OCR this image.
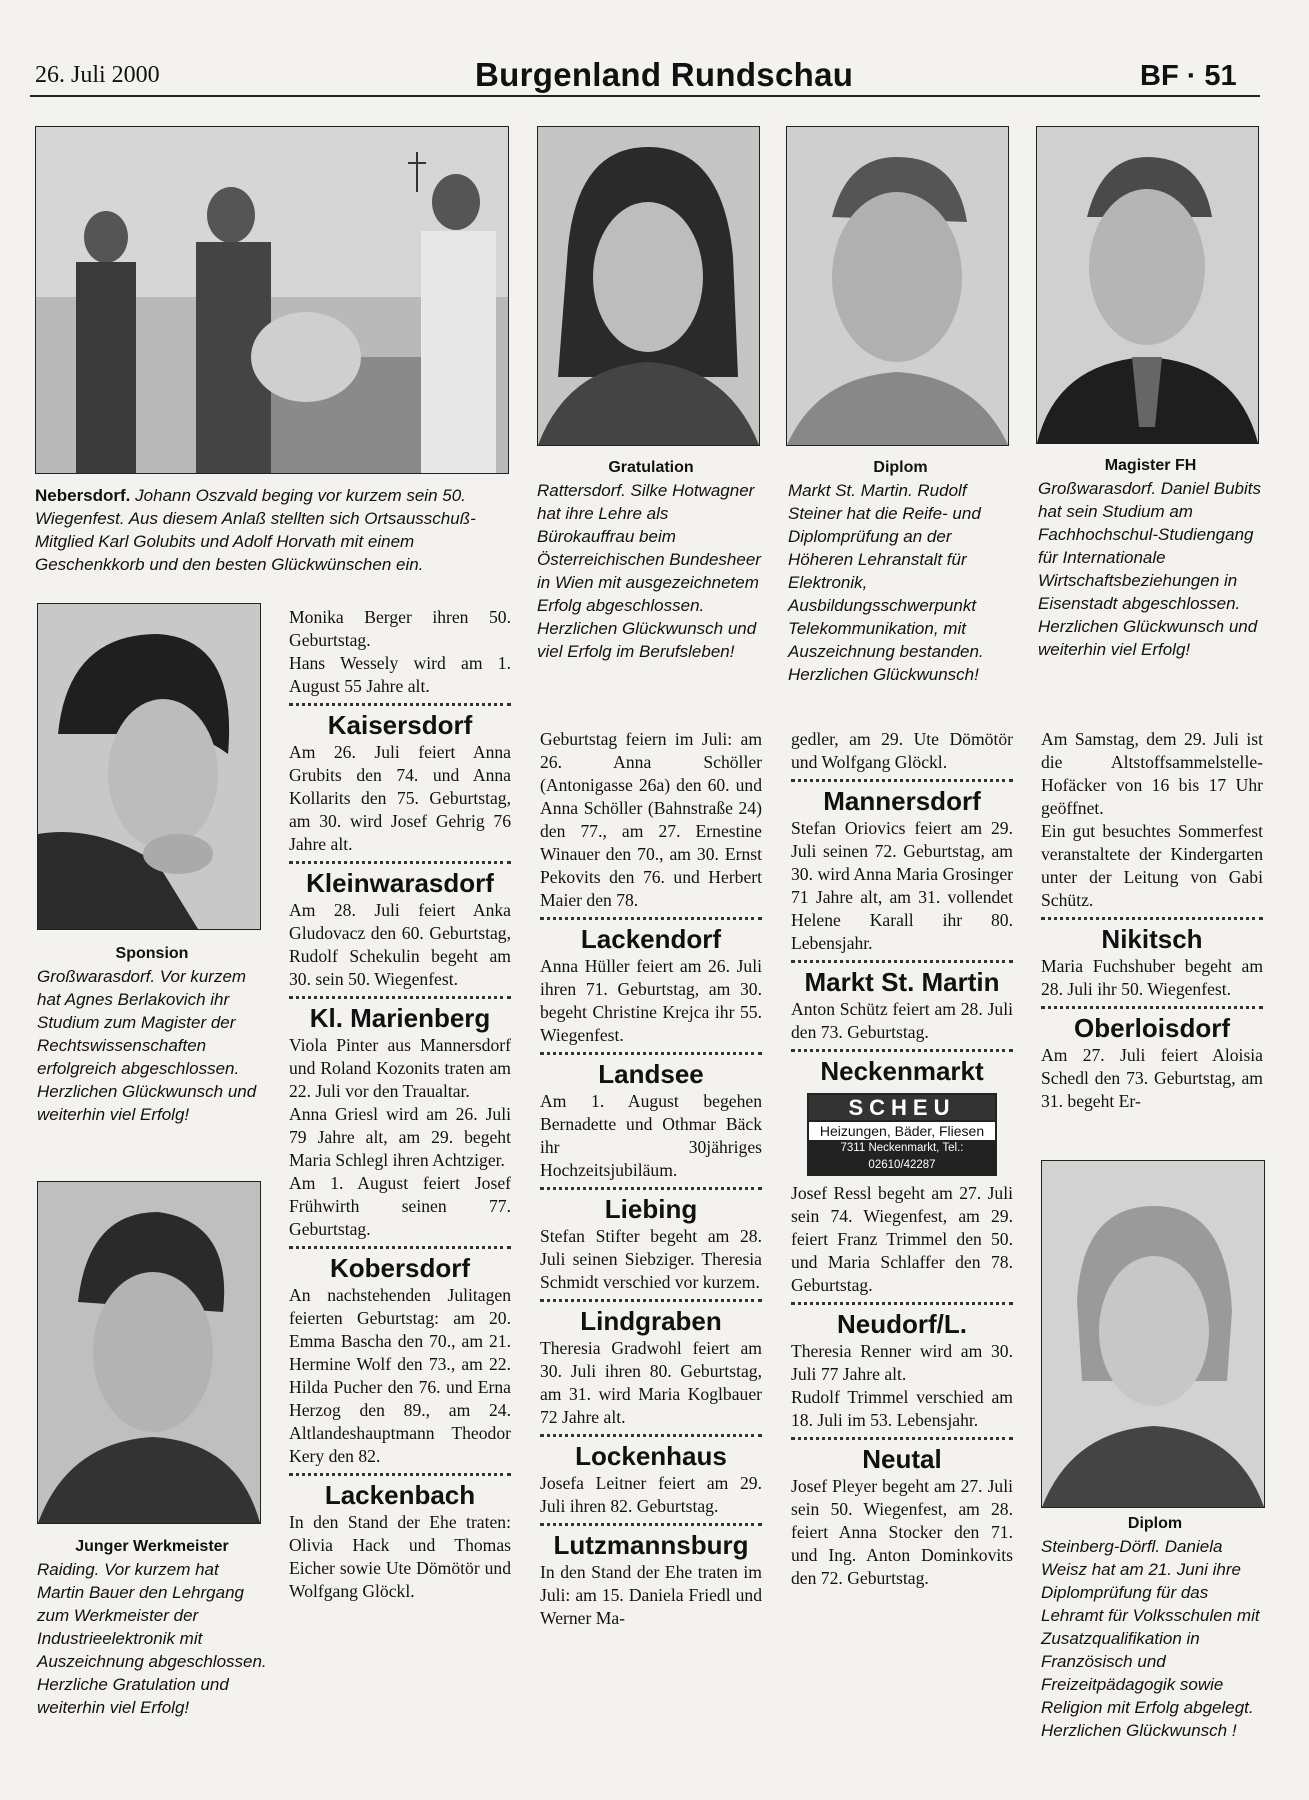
26. Juli 2000	Burgenland Rundschau	BF · 51
Nebersdorf. Johann Oszvald beging vor kurzem sein 50. Wiegenfest. Aus diesem Anlaß stellten sich Ortsausschuß-Mitglied Karl Golubits und Adolf Horvath mit einem Geschenkkorb und den besten Glückwünschen ein.
Gratulation
Rattersdorf. Silke Hotwagner hat ihre Lehre als Bürokauffrau beim Österreichischen Bundesheer in Wien mit ausgezeichnetem Erfolg abgeschlossen. Herzlichen Glückwunsch und viel Erfolg im Berufsleben!
Diplom
Markt St. Martin. Rudolf Steiner hat die Reife- und Diplomprüfung an der Höheren Lehranstalt für Elektronik, Ausbildungsschwerpunkt Telekommunikation, mit Auszeichnung bestanden. Herzlichen Glückwunsch!
Magister FH
Großwarasdorf. Daniel Bubits hat sein Studium am Fachhochschul-Studiengang für Internationale Wirtschaftsbeziehungen in Eisenstadt abgeschlossen. Herzlichen Glückwunsch und weiterhin viel Erfolg!
Sponsion
Großwarasdorf. Vor kurzem hat Agnes Berlakovich ihr Studium zum Magister der Rechtswissenschaften erfolgreich abgeschlossen. Herzlichen Glückwunsch und weiterhin viel Erfolg!
Junger Werkmeister
Raiding. Vor kurzem hat Martin Bauer den Lehrgang zum Werkmeister der Industrieelektronik mit Auszeichnung abgeschlossen. Herzliche Gratulation und weiterhin viel Erfolg!

Monika Berger ihren 50. Geburtstag.

Hans Wessely wird am 1. August 55 Jahre alt.

Kaisersdorf

Am 26. Juli feiert Anna Grubits den 74. und Anna Kollarits den 75. Geburtstag, am 30. wird Josef Gehrig 76 Jahre alt.

Kleinwarasdorf

Am 28. Juli feiert Anka Gludovacz den 60. Geburtstag, Rudolf Schekulin begeht am 30. sein 50. Wiegenfest.

Kl. Marienberg

Viola Pinter aus Mannersdorf und Roland Kozonits traten am 22. Juli vor den Traualtar.

Anna Griesl wird am 26. Juli 79 Jahre alt, am 29. begeht Maria Schlegl ihren Achtziger.

Am 1. August feiert Josef Frühwirth seinen 77. Geburtstag.

Kobersdorf

An nachstehenden Julitagen feierten Geburtstag: am 20. Emma Bascha den 70., am 21. Hermine Wolf den 73., am 22. Hilda Pucher den 76. und Erna Herzog den 89., am 24. Altlandeshauptmann Theodor Kery den 82.

Lackenbach

In den Stand der Ehe traten: Olivia Hack und Thomas Eicher sowie Ute Dömötör und Wolfgang Glöckl.

Geburtstag feiern im Juli: am 26. Anna Schöller (Antonigasse 26a) den 60. und Anna Schöller (Bahnstraße 24) den 77., am 27. Ernestine Winauer den 70., am 30. Ernst Pekovits den 76. und Herbert Maier den 78.

Lackendorf

Anna Hüller feiert am 26. Juli ihren 71. Geburtstag, am 30. begeht Christine Krejca ihr 55. Wiegenfest.

Landsee

Am 1. August begehen Bernadette und Othmar Bäck ihr 30jähriges Hochzeitsjubiläum.

Liebing

Stefan Stifter begeht am 28. Juli seinen Siebziger. Theresia Schmidt verschied vor kurzem.

Lindgraben

Theresia Gradwohl feiert am 30. Juli ihren 80. Geburtstag, am 31. wird Maria Koglbauer 72 Jahre alt.

Lockenhaus

Josefa Leitner feiert am 29. Juli ihren 82. Geburtstag.

Lutzmannsburg

In den Stand der Ehe traten im Juli: am 15. Daniela Friedl und Werner Ma-

gedler, am 29. Ute Dömötör und Wolfgang Glöckl.

Mannersdorf

Stefan Oriovics feiert am 29. Juli seinen 72. Geburtstag, am 30. wird Anna Maria Grosinger 71 Jahre alt, am 31. vollendet Helene Karall ihr 80. Lebensjahr.

Markt St. Martin

Anton Schütz feiert am 28. Juli den 73. Geburtstag.

Neckenmarkt
SCHEU
Heizungen, Bäder, Fliesen
7311 Neckenmarkt, Tel.: 02610/42287

Josef Ressl begeht am 27. Juli sein 74. Wiegenfest, am 29. feiert Franz Trimmel den 50. und Maria Schlaffer den 78. Geburtstag.

Neudorf/L.

Theresia Renner wird am 30. Juli 77 Jahre alt.

Rudolf Trimmel verschied am 18. Juli im 53. Lebensjahr.

Neutal

Josef Pleyer begeht am 27. Juli sein 50. Wiegenfest, am 28. feiert Anna Stocker den 71. und Ing. Anton Dominkovits den 72. Geburtstag.

Am Samstag, dem 29. Juli ist die Altstoffsammelstelle-Hofäcker von 16 bis 17 Uhr geöffnet.

Ein gut besuchtes Sommerfest veranstaltete der Kindergarten unter der Leitung von Gabi Schütz.

Nikitsch

Maria Fuchshuber begeht am 28. Juli ihr 50. Wiegenfest.

Oberloisdorf

Am 27. Juli feiert Aloisia Schedl den 73. Geburtstag, am 31. begeht Er-

Diplom
Steinberg-Dörfl. Daniela Weisz hat am 21. Juni ihre Diplomprüfung für das Lehramt für Volksschulen mit Zusatzqualifikation in Französisch und Freizeitpädagogik sowie Religion mit Erfolg abgelegt. Herzlichen Glückwunsch !
